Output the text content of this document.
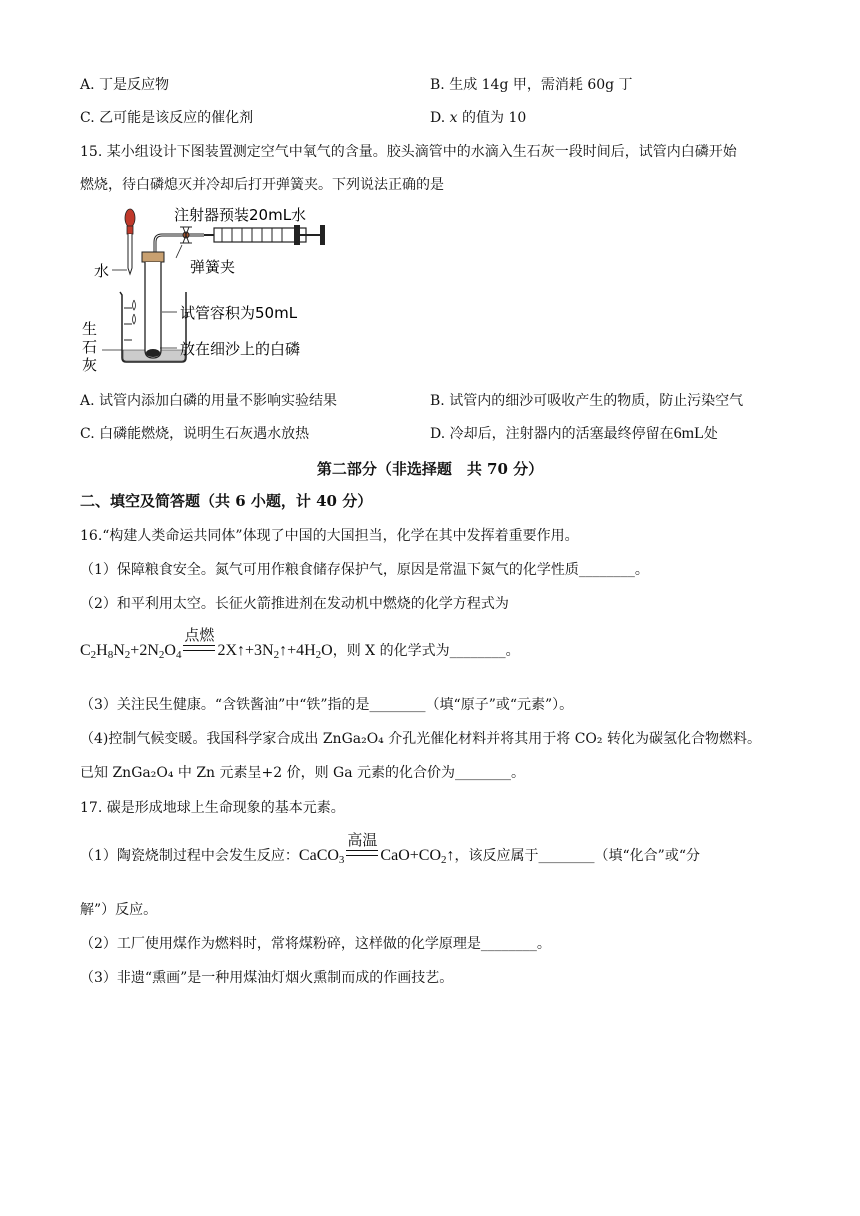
A. 丁是反应物	B. 生成 14g 甲，需消耗 60g 丁
C. 乙可能是该反应的催化剂	D. x 的值为 10
15. 某小组设计下图装置测定空气中氧气的含量。胶头滴管中的水滴入生石灰一段时间后，试管内白磷开始
燃烧，待白磷熄灭并冷却后打开弹簧夹。下列说法正确的是
注射器预装20mL水
水	弹簧夹
试管容积为50mL
生
石
灰
放在细沙上的白磷
A. 试管内添加白磷的用量不影响实验结果	B. 试管内的细沙可吸收产生的物质，防止污染空气
C. 白磷能燃烧，说明生石灰遇水放热	D. 冷却后，注射器内的活塞最终停留在6mL处
第二部分（非选择题　共 70 分）
二、填空及简答题（共 6 小题，计 40 分）
16.“构建人类命运共同体”体现了中国的大国担当，化学在其中发挥着重要作用。
（1）保障粮食安全。氮气可用作粮食储存保护气，原因是常温下氮气的化学性质________。
（2）和平利用太空。长征火箭推进剂在发动机中燃烧的化学方程式为
$C_2H_8N_2+2N_2O_4$
点燃
$2X↑+3N_2↑+4H_2O$，则 X 的化学式为________。
（3）关注民生健康。“含铁酱油”中“铁”指的是________（填“原子”或“元素”）。
（4)控制气候变暖。我国科学家合成出 ZnGa₂O₄ 介孔光催化材料并将其用于将 CO₂ 转化为碳氢化合物燃料。
已知 ZnGa₂O₄ 中 Zn 元素呈+2 价，则 Ga 元素的化合价为________。
17. 碳是形成地球上生命现象的基本元素。
（1）陶瓷烧制过程中会发生反应：CaCO$_3$
高温
$CaO+CO_2↑$，该反应属于________（填“化合”或“分
解”）反应。
（2）工厂使用煤作为燃料时，常将煤粉碎，这样做的化学原理是________。
（3）非遗“熏画”是一种用煤油灯烟火熏制而成的作画技艺。
